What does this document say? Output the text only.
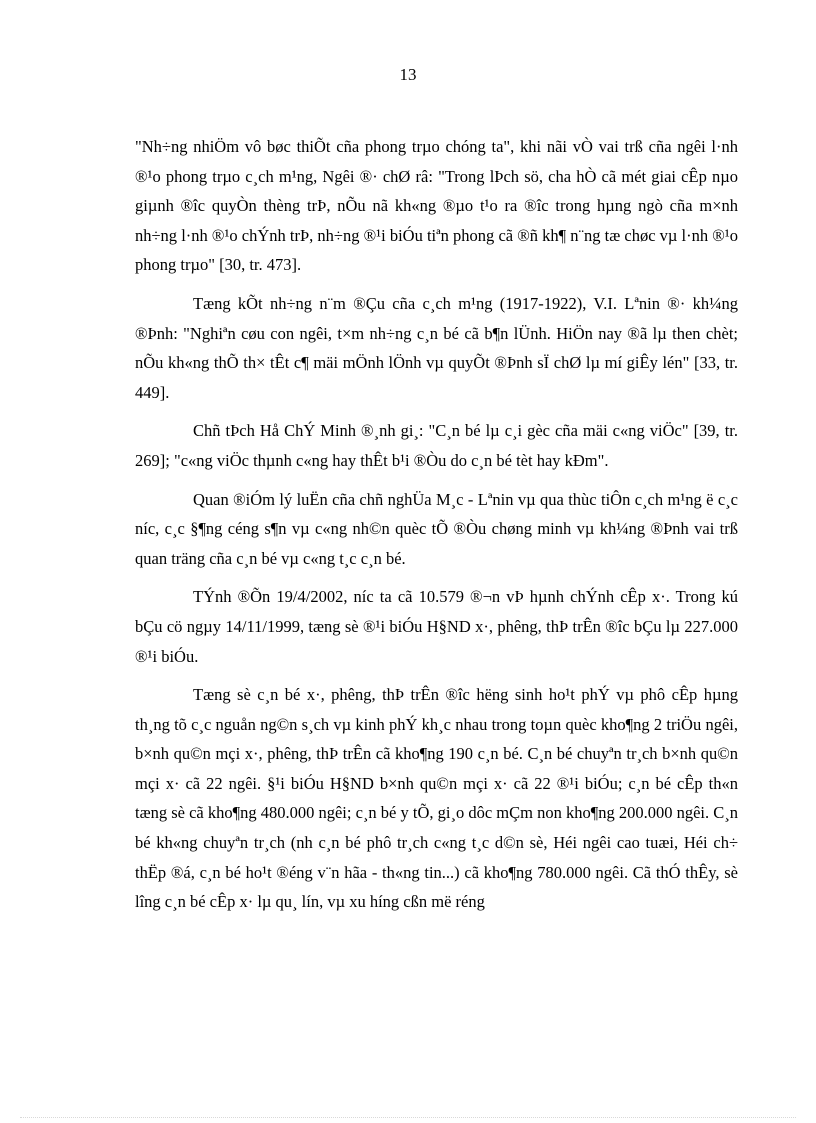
13

"Nh÷ng nhiÖm vô bøc thiÕt cña phong trµo chóng ta", khi nãi vÒ vai trß cña ngêi l·nh ®¹o phong trµo c¸ch m¹ng, Ngêi ®· chØ râ: "Trong lÞch sö, cha hÒ cã mét giai cÊp nµo giµnh ®îc quyÒn thèng trÞ, nÕu nã kh«ng ®µo t¹o ra ®îc trong hµng ngò cña m×nh nh÷ng l·nh ®¹o chÝnh trÞ, nh÷ng ®¹i biÓu tiªn phong cã ®ñ kh¶ n¨ng tæ chøc vµ l·nh ®¹o phong trµo" [30, tr. 473].

Tæng kÕt nh÷ng n¨m ®Çu cña c¸ch m¹ng (1917-1922), V.I. Lªnin ®· kh¼ng ®Þnh: "Nghiªn cøu con ngêi, t×m nh÷ng c¸n bé cã b¶n lÜnh. HiÖn nay ®ã lµ then chèt; nÕu kh«ng thÕ th× tÊt c¶ mäi mÖnh lÖnh vµ quyÕt ®Þnh sÏ chØ lµ mí giÊy lén" [33, tr. 449].

Chñ tÞch Hå ChÝ Minh ®¸nh gi¸: "C¸n bé lµ c¸i gèc cña mäi c«ng viÖc" [39, tr. 269]; "c«ng viÖc thµnh c«ng hay thÊt b¹i ®Òu do c¸n bé tèt hay kÐm".

Quan ®iÓm lý luËn cña chñ nghÜa M¸c - Lªnin vµ qua thùc tiÔn c¸ch m¹ng ë c¸c níc, c¸c §¶ng céng s¶n vµ c«ng nh©n quèc tÕ ®Òu chøng minh vµ kh¼ng ®Þnh vai trß quan träng cña c¸n bé vµ c«ng t¸c c¸n bé.

TÝnh ®Õn 19/4/2002, níc ta cã 10.579 ®¬n vÞ hµnh chÝnh cÊp x·. Trong kú bÇu cö ngµy 14/11/1999, tæng sè ®¹i biÓu H§ND x·, phêng, thÞ trÊn ®îc bÇu lµ 227.000 ®¹i biÓu.

Tæng sè c¸n bé x·, phêng, thÞ trÊn ®îc hëng sinh ho¹t phÝ vµ phô cÊp hµng th¸ng tõ c¸c nguån ng©n s¸ch vµ kinh phÝ kh¸c nhau trong toµn quèc kho¶ng 2 triÖu ngêi, b×nh qu©n mçi x·, phêng, thÞ trÊn cã kho¶ng 190 c¸n bé. C¸n bé chuyªn tr¸ch b×nh qu©n mçi x· cã 22 ngêi. §¹i biÓu H§ND b×nh qu©n mçi x· cã 22 ®¹i biÓu; c¸n bé cÊp th«n tæng sè cã kho¶ng 480.000 ngêi; c¸n bé y tÕ, gi¸o dôc mÇm non kho¶ng 200.000 ngêi. C¸n bé kh«ng chuyªn tr¸ch (nh c¸n bé phô tr¸ch c«ng t¸c d©n sè, Héi ngêi cao tuæi, Héi ch÷ thËp ®á, c¸n bé ho¹t ®éng v¨n hãa - th«ng tin...) cã kho¶ng 780.000 ngêi. Cã thÓ thÊy, sè lîng c¸n bé cÊp x· lµ qu¸ lín, vµ xu híng cßn më réng
